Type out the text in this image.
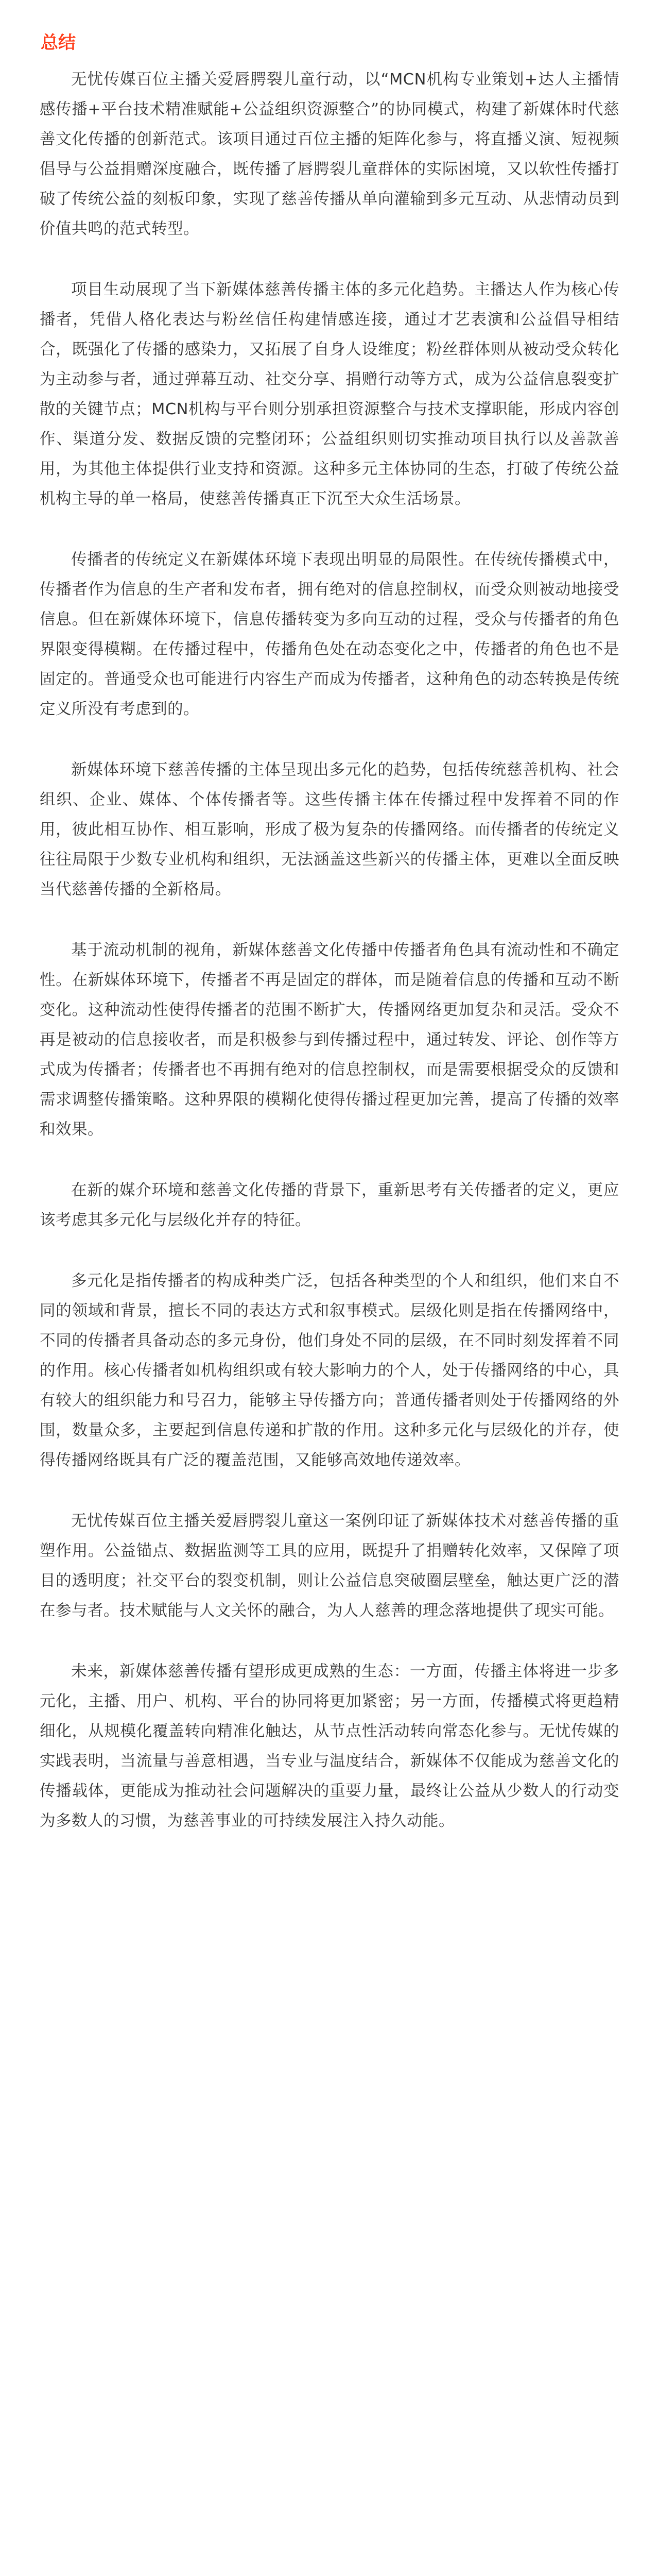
总结

无忧传媒百位主播关爱唇腭裂儿童行动，以“MCN机构专业策划+达人主播情感传播+平台技术精准赋能+公益组织资源整合”的协同模式，构建了新媒体时代慈善文化传播的创新范式。该项目通过百位主播的矩阵化参与，将直播义演、短视频倡导与公益捐赠深度融合，既传播了唇腭裂儿童群体的实际困境，又以软性传播打破了传统公益的刻板印象，实现了慈善传播从单向灌输到多元互动、从悲情动员到价值共鸣的范式转型。

项目生动展现了当下新媒体慈善传播主体的多元化趋势。主播达人作为核心传播者，凭借人格化表达与粉丝信任构建情感连接，通过才艺表演和公益倡导相结合，既强化了传播的感染力，又拓展了自身人设维度；粉丝群体则从被动受众转化为主动参与者，通过弹幕互动、社交分享、捐赠行动等方式，成为公益信息裂变扩散的关键节点；MCN机构与平台则分别承担资源整合与技术支撑职能，形成内容创作、渠道分发、数据反馈的完整闭环；公益组织则切实推动项目执行以及善款善用，为其他主体提供行业支持和资源。这种多元主体协同的生态，打破了传统公益机构主导的单一格局，使慈善传播真正下沉至大众生活场景。

传播者的传统定义在新媒体环境下表现出明显的局限性。在传统传播模式中，传播者作为信息的生产者和发布者，拥有绝对的信息控制权，而受众则被动地接受信息。但在新媒体环境下，信息传播转变为多向互动的过程，受众与传播者的角色界限变得模糊。在传播过程中，传播角色处在动态变化之中，传播者的角色也不是固定的。普通受众也可能进行内容生产而成为传播者，这种角色的动态转换是传统定义所没有考虑到的。

新媒体环境下慈善传播的主体呈现出多元化的趋势，包括传统慈善机构、社会组织、企业、媒体、个体传播者等。这些传播主体在传播过程中发挥着不同的作用，彼此相互协作、相互影响，形成了极为复杂的传播网络。而传播者的传统定义往往局限于少数专业机构和组织，无法涵盖这些新兴的传播主体，更难以全面反映当代慈善传播的全新格局。

基于流动机制的视角，新媒体慈善文化传播中传播者角色具有流动性和不确定性。在新媒体环境下，传播者不再是固定的群体，而是随着信息的传播和互动不断变化。这种流动性使得传播者的范围不断扩大，传播网络更加复杂和灵活。受众不再是被动的信息接收者，而是积极参与到传播过程中，通过转发、评论、创作等方式成为传播者；传播者也不再拥有绝对的信息控制权，而是需要根据受众的反馈和需求调整传播策略。这种界限的模糊化使得传播过程更加完善，提高了传播的效率和效果。

在新的媒介环境和慈善文化传播的背景下，重新思考有关传播者的定义，更应该考虑其多元化与层级化并存的特征。

多元化是指传播者的构成种类广泛，包括各种类型的个人和组织，他们来自不同的领域和背景，擅长不同的表达方式和叙事模式。层级化则是指在传播网络中，不同的传播者具备动态的多元身份，他们身处不同的层级，在不同时刻发挥着不同的作用。核心传播者如机构组织或有较大影响力的个人，处于传播网络的中心，具有较大的组织能力和号召力，能够主导传播方向；普通传播者则处于传播网络的外围，数量众多，主要起到信息传递和扩散的作用。这种多元化与层级化的并存，使得传播网络既具有广泛的覆盖范围，又能够高效地传递效率。

无忧传媒百位主播关爱唇腭裂儿童这一案例印证了新媒体技术对慈善传播的重塑作用。公益锚点、数据监测等工具的应用，既提升了捐赠转化效率，又保障了项目的透明度；社交平台的裂变机制，则让公益信息突破圈层壁垒，触达更广泛的潜在参与者。技术赋能与人文关怀的融合，为人人慈善的理念落地提供了现实可能。

未来，新媒体慈善传播有望形成更成熟的生态：一方面，传播主体将进一步多元化，主播、用户、机构、平台的协同将更加紧密；另一方面，传播模式将更趋精细化，从规模化覆盖转向精准化触达，从节点性活动转向常态化参与。无忧传媒的实践表明，当流量与善意相遇，当专业与温度结合，新媒体不仅能成为慈善文化的传播载体，更能成为推动社会问题解决的重要力量，最终让公益从少数人的行动变为多数人的习惯，为慈善事业的可持续发展注入持久动能。
